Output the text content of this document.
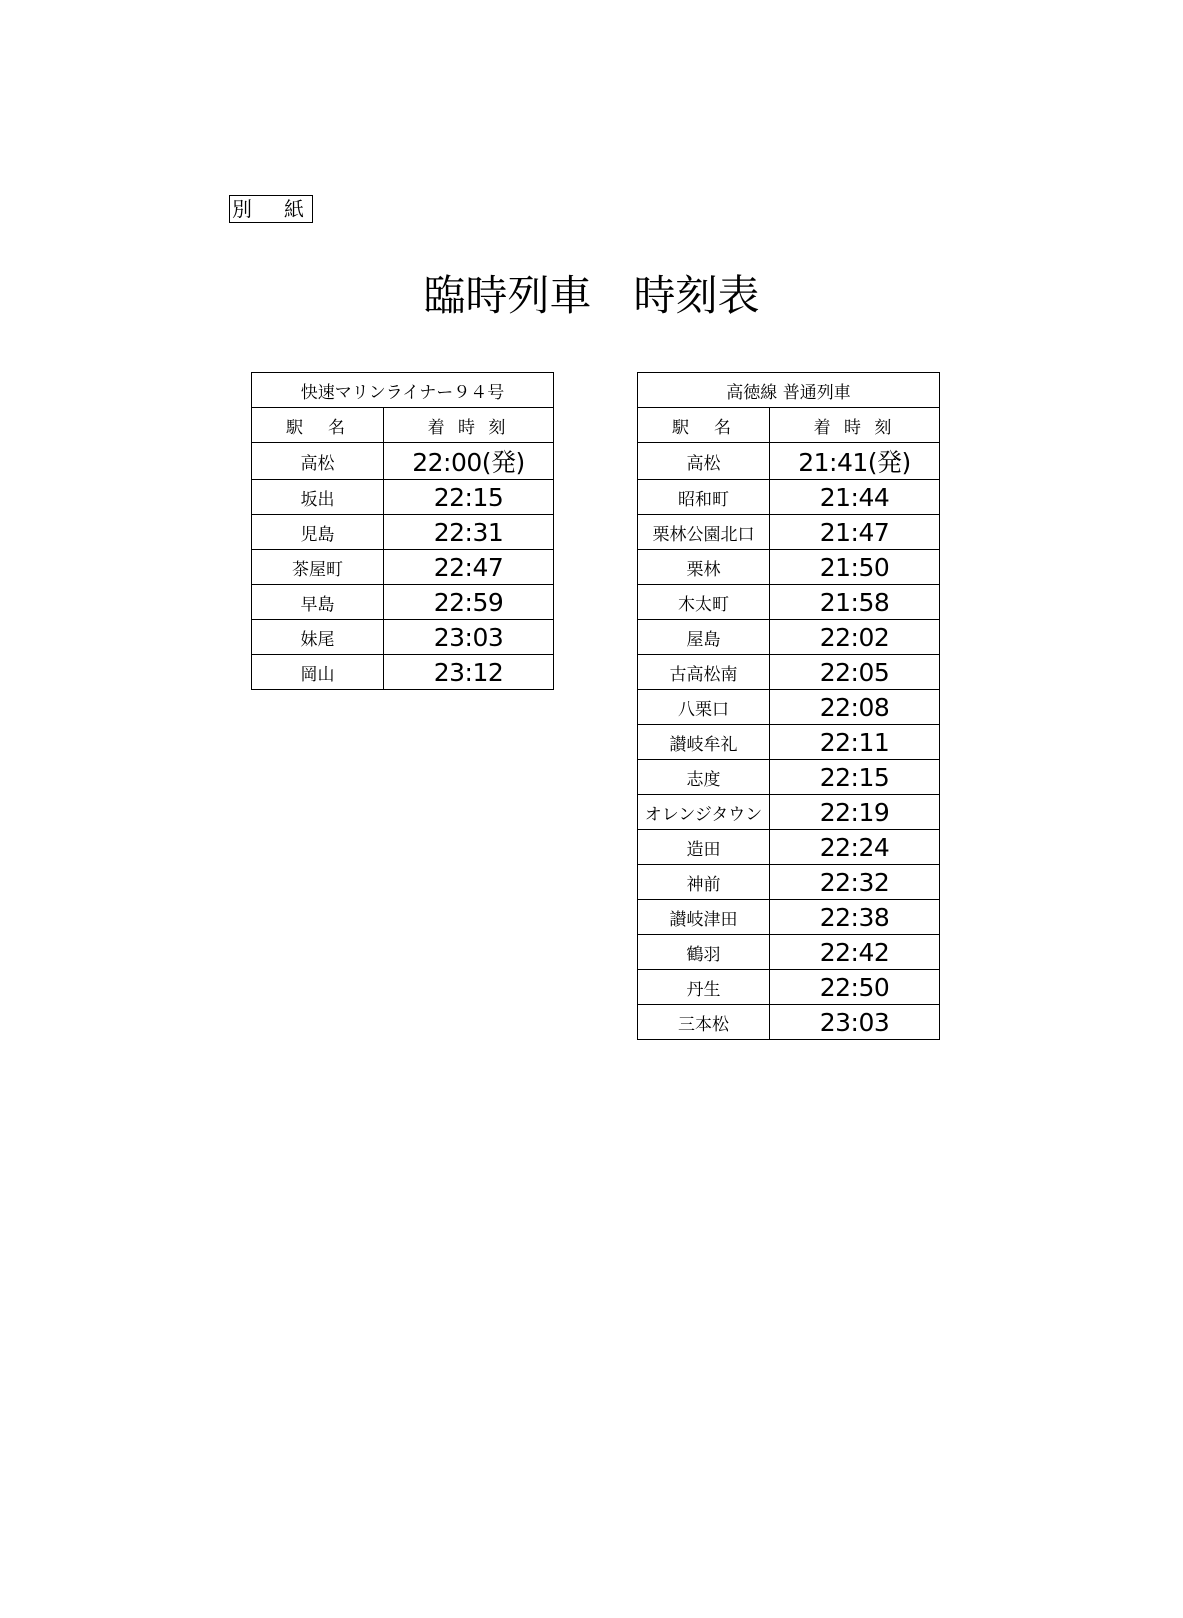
別　紙
臨時列車　時刻表
快速マリンライナー９４号	
駅　名	着 時 刻
高松	22:00(発)
坂出	22:15
児島	22:31
茶屋町	22:47
早島	22:59
妹尾	23:03
岡山	23:12
高徳線 普通列車	
駅　名	着 時 刻
高松	21:41(発)
昭和町	21:44
栗林公園北口	21:47
栗林	21:50
木太町	21:58
屋島	22:02
古高松南	22:05
八栗口	22:08
讃岐牟礼	22:11
志度	22:15
オレンジタウン	22:19
造田	22:24
神前	22:32
讃岐津田	22:38
鶴羽	22:42
丹生	22:50
三本松	23:03
